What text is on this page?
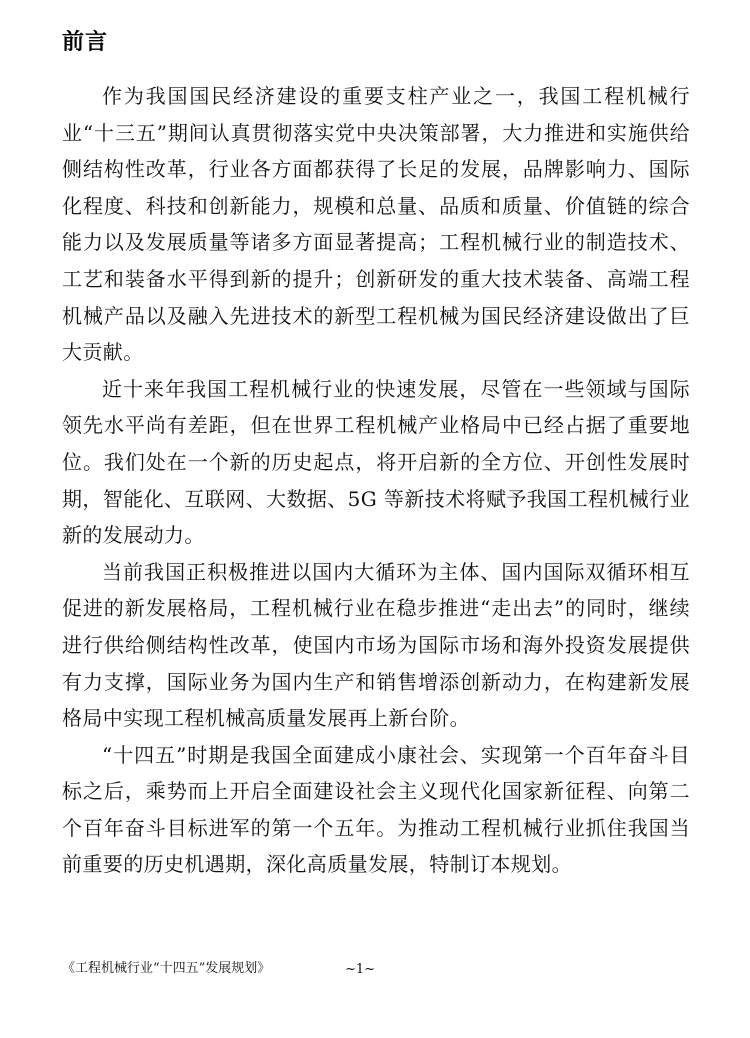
前言

作为我国国民经济建设的重要支柱产业之一，我国工程机械行业“十三五”期间认真贯彻落实党中央决策部署，大力推进和实施供给侧结构性改革，行业各方面都获得了长足的发展，品牌影响力、国际化程度、科技和创新能力，规模和总量、品质和质量、价值链的综合能力以及发展质量等诸多方面显著提高；工程机械行业的制造技术、工艺和装备水平得到新的提升；创新研发的重大技术装备、高端工程机械产品以及融入先进技术的新型工程机械为国民经济建设做出了巨大贡献。

近十来年我国工程机械行业的快速发展，尽管在一些领域与国际领先水平尚有差距，但在世界工程机械产业格局中已经占据了重要地位。我们处在一个新的历史起点，将开启新的全方位、开创性发展时期，智能化、互联网、大数据、5G 等新技术将赋予我国工程机械行业新的发展动力。

当前我国正积极推进以国内大循环为主体、国内国际双循环相互促进的新发展格局，工程机械行业在稳步推进“走出去”的同时，继续进行供给侧结构性改革，使国内市场为国际市场和海外投资发展提供有力支撑，国际业务为国内生产和销售增添创新动力，在构建新发展格局中实现工程机械高质量发展再上新台阶。

“十四五”时期是我国全面建成小康社会、实现第一个百年奋斗目标之后，乘势而上开启全面建设社会主义现代化国家新征程、向第二个百年奋斗目标进军的第一个五年。为推动工程机械行业抓住我国当前重要的历史机遇期，深化高质量发展，特制订本规划。

《工程机械行业“十四五”发展规划》	~1~
